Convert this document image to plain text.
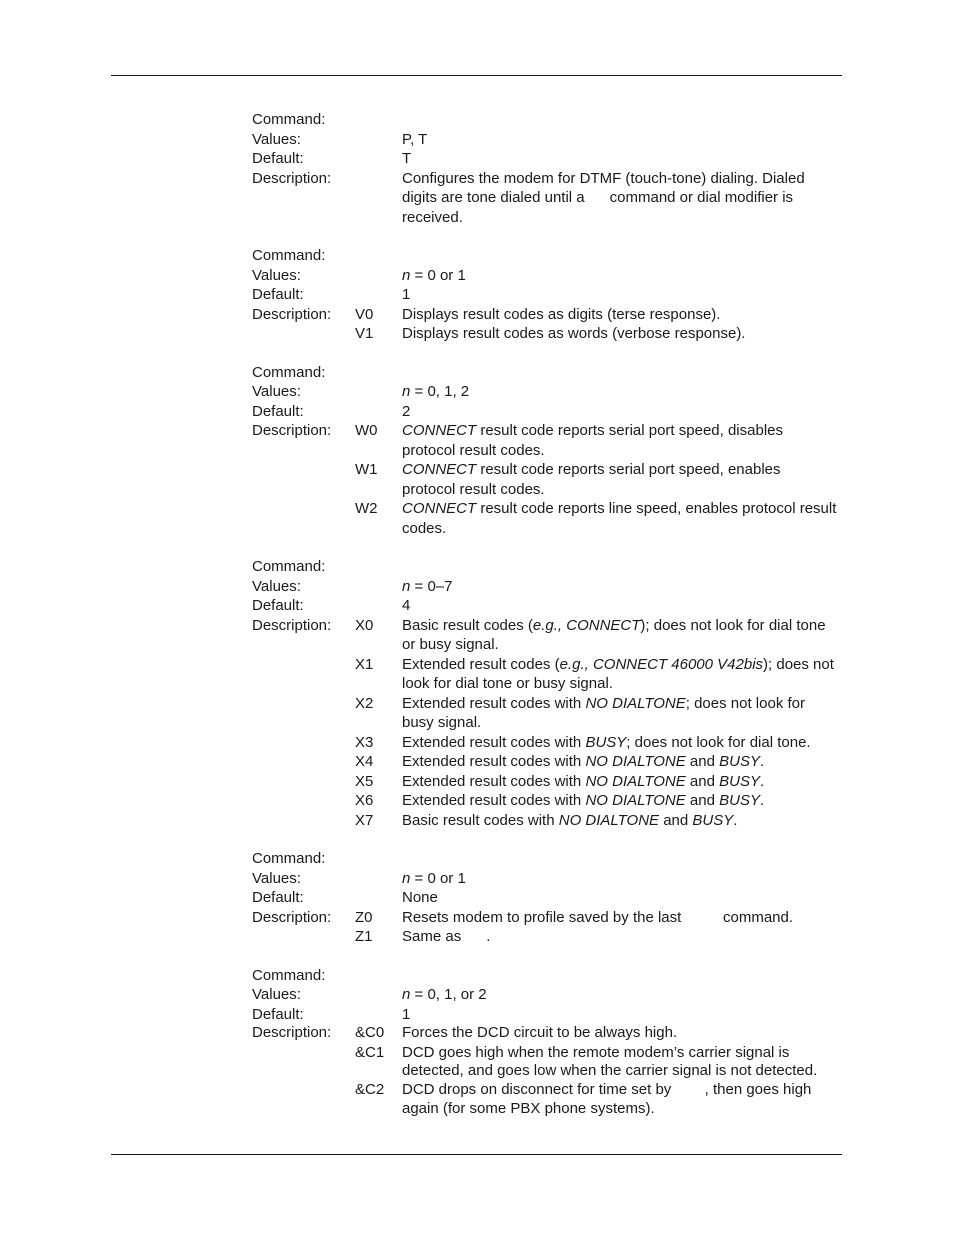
Command:
Values:	P, T
Default:	T
Description:	Configures the modem for DTMF (touch-tone) dialing. Dialed digits are tone dialed until a command or dial modifier is received.
Command:
Values:	n = 0 or 1
Default:	1
Description:	V0	Displays result codes as digits (terse response).
V1	Displays result codes as words (verbose response).
Command:
Values:	n = 0, 1, 2
Default:	2
Description:	W0	CONNECT result code reports serial port speed, disables protocol result codes.
W1	CONNECT result code reports serial port speed, enables protocol result codes.
W2	CONNECT result code reports line speed, enables protocol result codes.
Command:
Values:	n = 0–7
Default:	4
Description:	X0	Basic result codes (e.g., CONNECT); does not look for dial tone or busy signal.
X1	Extended result codes (e.g., CONNECT 46000 V42bis); does not look for dial tone or busy signal.
X2	Extended result codes with NO DIALTONE; does not look for busy signal.
X3	Extended result codes with BUSY; does not look for dial tone.
X4	Extended result codes with NO DIALTONE and BUSY.
X5	Extended result codes with NO DIALTONE and BUSY.
X6	Extended result codes with NO DIALTONE and BUSY.
X7	Basic result codes with NO DIALTONE and BUSY.
Command:
Values:	n = 0 or 1
Default:	None
Description:	Z0	Resets modem to profile saved by the last	command.
Z1	Same as .
Command:
Values:	n = 0, 1, or 2
Default:	1
Description:	&C0	Forces the DCD circuit to be always high.
&C1	DCD goes high when the remote modem’s carrier signal is detected, and goes low when the carrier signal is not detected.
&C2	DCD drops on disconnect for time set by , then goes high again (for some PBX phone systems).
